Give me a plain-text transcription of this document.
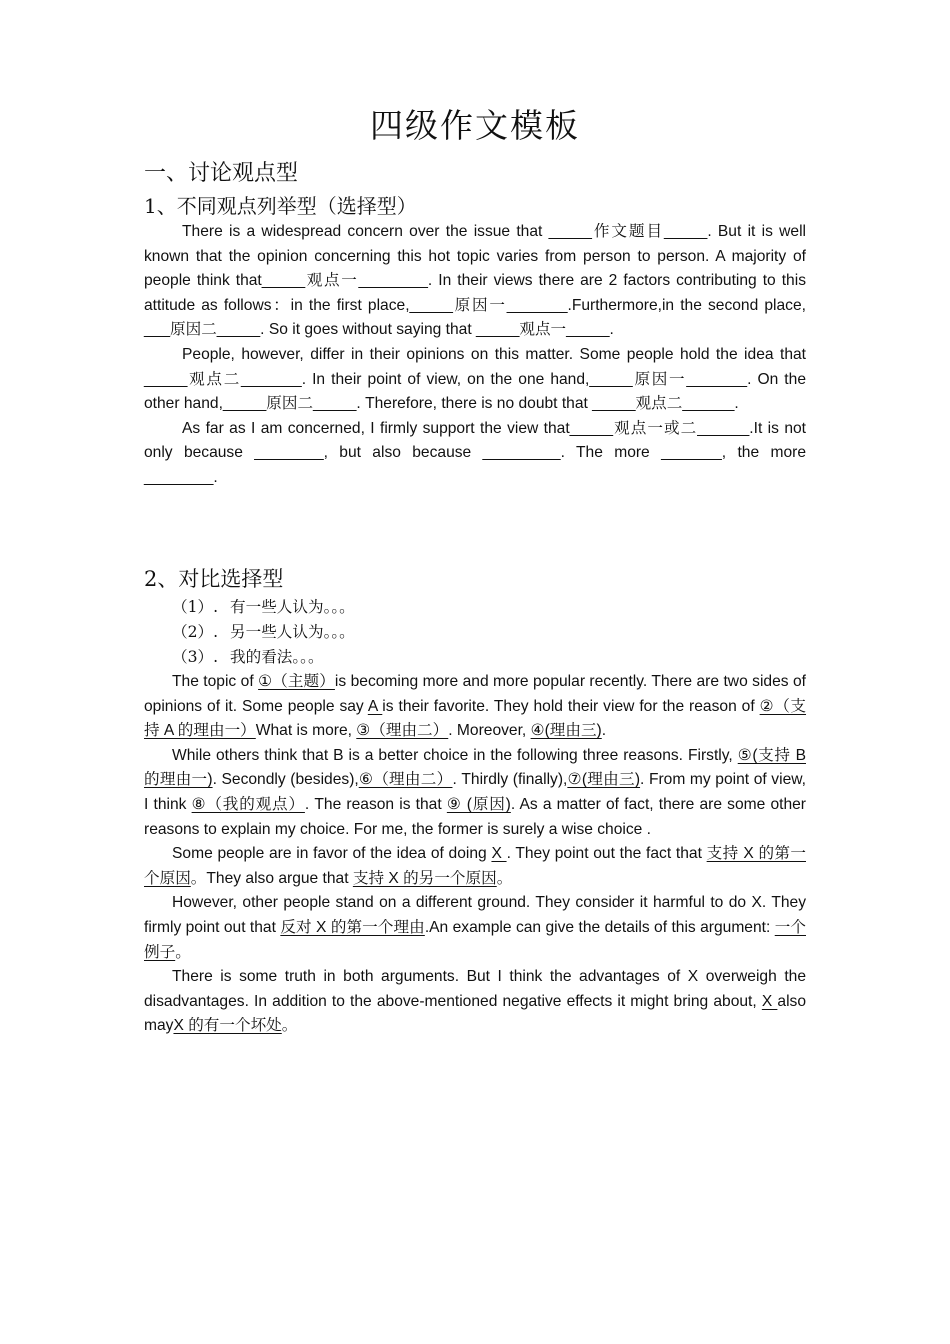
四级作文模板
一、讨论观点型
1、不同观点列举型（选择型）

There is a widespread concern over the issue that _____作文题目_____. But it is well known that the opinion concerning this hot topic varies from person to person. A majority of people think that_____观点一________. In their views there are 2 factors contributing to this attitude as follows：in the first place,_____原因一_______.Furthermore,in the second place, ___原因二_____. So it goes without saying that _____观点一_____.

People, however, differ in their opinions on this matter. Some people hold the idea that _____观点二_______. In their point of view, on the one hand,_____原因一_______. On the other hand,_____原因二_____. Therefore, there is no doubt that _____观点二______.

As far as I am concerned, I firmly support the view that_____观点一或二______.It is not only because ________, but also because _________. The more _______, the more ________.

2、对比选择型
（1）. 有一些人认为。。。
（2）. 另一些人认为。。。
（3）. 我的看法。。。

The topic of ①（主题）is becoming more and more popular recently. There are two sides of opinions of it. Some people say A is their favorite. They hold their view for the reason of ②（支持 A 的理由一）What is more, ③（理由二）. Moreover, ④(理由三).

While others think that B is a better choice in the following three reasons. Firstly, ⑤(支持 B 的理由一). Secondly (besides),⑥（理由二）. Thirdly (finally),⑦(理由三). From my point of view, I think ⑧（我的观点）. The reason is that ⑨ (原因). As a matter of fact, there are some other reasons to explain my choice. For me, the former is surely a wise choice .

Some people are in favor of the idea of doing X . They point out the fact that 支持 X 的第一个原因。They also argue that 支持 X 的另一个原因。

However, other people stand on a different ground. They consider it harmful to do X. They firmly point out that 反对 X 的第一个理由.An example can give the details of this argument: 一个例子。

There is some truth in both arguments. But I think the advantages of X overweigh the disadvantages. In addition to the above-mentioned negative effects it might bring about, X also mayX 的有一个坏处。
